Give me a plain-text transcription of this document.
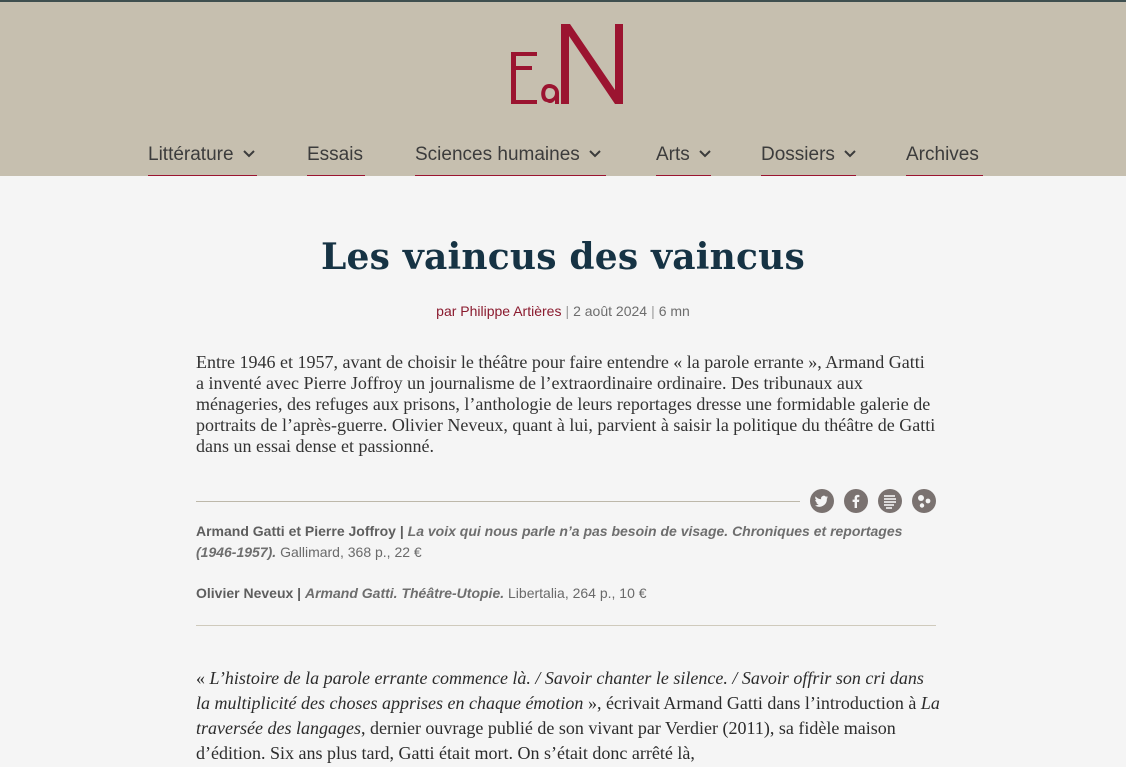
Littérature	Essais	Sciences humaines	Arts	Dossiers	Archives
Les vaincus des vaincus
par Philippe Artières | 2 août 2024 | 6 mn

Entre 1946 et 1957, avant de choisir le théâtre pour faire entendre « la parole errante », Armand Gatti a inventé avec Pierre Joffroy un journalisme de l’extraordinaire ordinaire. Des tribunaux aux ménageries, des refuges aux prisons, l’anthologie de leurs reportages dresse une formidable galerie de portraits de l’après-guerre. Olivier Neveux, quant à lui, parvient à saisir la politique du théâtre de Gatti dans un essai dense et passionné.

Armand Gatti et Pierre Joffroy | La voix qui nous parle n’a pas besoin de visage. Chroniques et reportages (1946-1957). Gallimard, 368 p., 22 €
Olivier Neveux | Armand Gatti. Théâtre-Utopie. Libertalia, 264 p., 10 €

« L’histoire de la parole errante commence là. / Savoir chanter le silence. / Savoir offrir son cri dans la multiplicité des choses apprises en chaque émotion », écrivait Armand Gatti dans l’introduction à La traversée des langages, dernier ouvrage publié de son vivant par Verdier (2011), sa fidèle maison d’édition. Six ans plus tard, Gatti était mort. On s’était donc arrêté là,
